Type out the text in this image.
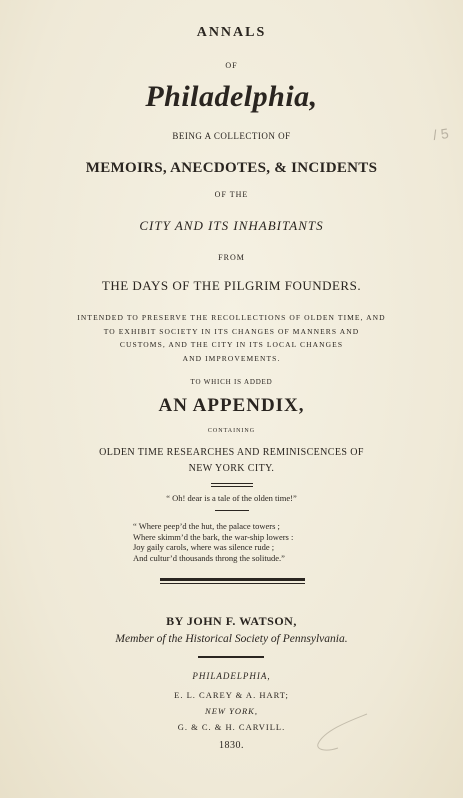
ANNALS
OF
Philadelphia,
BEING A COLLECTION OF
MEMOIRS, ANECDOTES, & INCIDENTS
OF THE
CITY AND ITS INHABITANTS
FROM
THE DAYS OF THE PILGRIM FOUNDERS.
INTENDED TO PRESERVE THE RECOLLECTIONS OF OLDEN TIME, AND
TO EXHIBIT SOCIETY IN ITS CHANGES OF MANNERS AND
CUSTOMS, AND THE CITY IN ITS LOCAL CHANGES
AND IMPROVEMENTS.
TO WHICH IS ADDED
AN APPENDIX,
CONTAINING
OLDEN TIME RESEARCHES AND REMINISCENCES OF
NEW YORK CITY.
“ Oh! dear is a tale of the olden time!”
“ Where peep’d the hut, the palace towers ;
Where skimm’d the bark, the war-ship lowers :
Joy gaily carols, where was silence rude ;
And cultur’d thousands throng the solitude.”
BY JOHN F. WATSON,
Member of the Historical Society of Pennsylvania.
PHILADELPHIA,
E. L. CAREY & A. HART;
NEW YORK,
G. & C. & H. CARVILL.
1830.
/ 5
